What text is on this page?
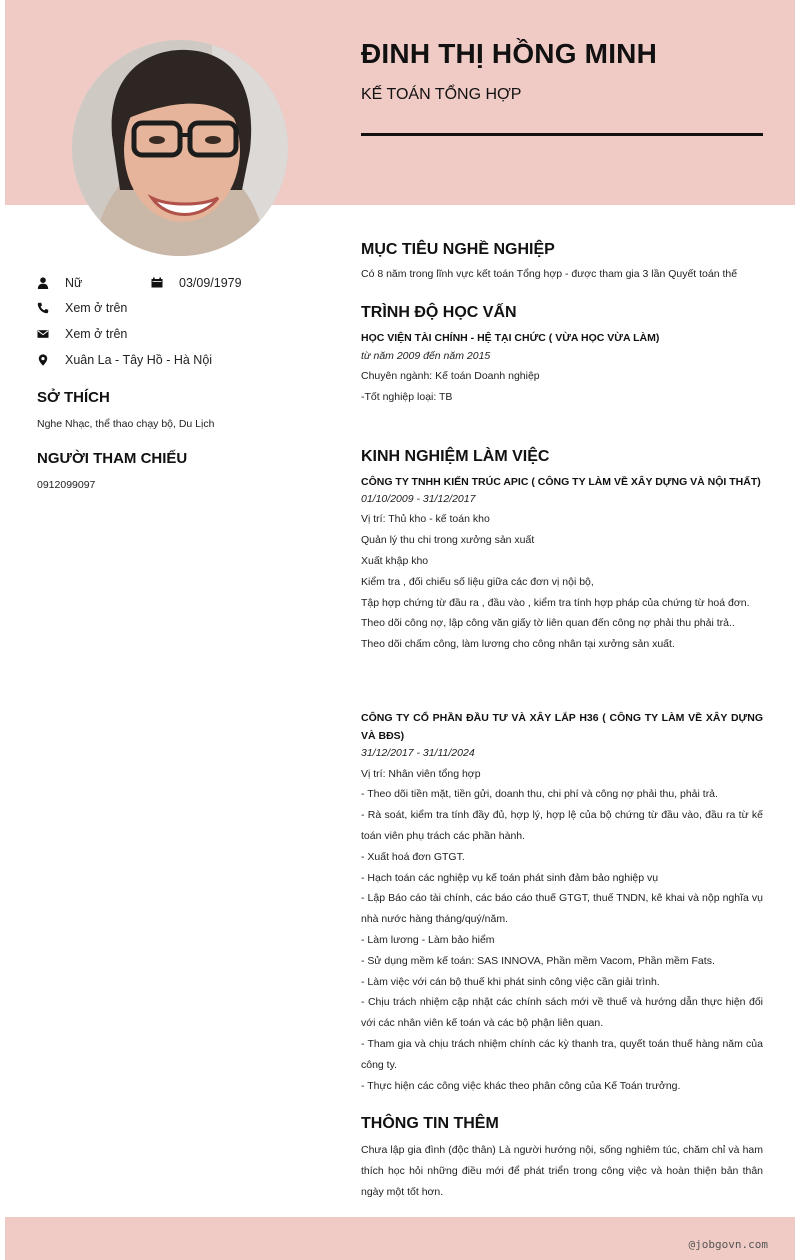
ĐINH THỊ HỒNG MINH
KẾ TOÁN TỔNG HỢP
Nữ	03/09/1979
Xem ở trên
Xem ở trên
Xuân La - Tây Hồ - Hà Nội
SỞ THÍCH
Nghe Nhạc, thể thao chạy bộ, Du Lịch
NGƯỜI THAM CHIẾU
0912099097
MỤC TIÊU NGHỀ NGHIỆP
Có 8 năm trong lĩnh vực kết toán Tổng hợp - được tham gia 3 lần Quyết toán thế
TRÌNH ĐỘ HỌC VẤN
HỌC VIỆN TÀI CHÍNH - HỆ TẠI CHỨC ( VỪA HỌC VỪA LÀM)
từ năm 2009 đến năm 2015
Chuyên ngành: Kế toán Doanh nghiệp
-Tốt nghiệp loại: TB
KINH NGHIỆM LÀM VIỆC
CÔNG TY TNHH KIẾN TRÚC APIC ( CÔNG TY LÀM VỀ XÂY DỰNG VÀ NỘI THẤT)
01/10/2009 - 31/12/2017
Vị trí: Thủ kho - kế toán kho
Quản lý thu chi trong xưởng sản xuất
Xuất khập kho
Kiểm tra , đối chiếu số liệu giữa các đơn vị nội bộ,
Tập hợp chứng từ đầu ra , đầu vào , kiểm tra tính hợp pháp của chứng từ hoá đơn.
Theo dõi công nợ, lập công văn giấy tờ liên quan đến công nợ phải thu phải trả..
Theo dõi chấm công, làm lương cho công nhân tại xưởng sản xuất.
CÔNG TY CỔ PHẦN ĐẦU TƯ VÀ XÂY LẮP H36 ( CÔNG TY LÀM VỀ XÂY DỰNG VÀ BĐS)
31/12/2017 - 31/11/2024
Vị trí: Nhân viên tổng hợp
- Theo dõi tiền mặt, tiền gửi, doanh thu, chi phí và công nợ phải thu, phải trả.
- Rà soát, kiểm tra tính đầy đủ, hợp lý, hợp lệ của bộ chứng từ đầu vào, đầu ra từ kế toán viên phụ trách các phần hành.
- Xuất hoá đơn GTGT.
- Hạch toán các nghiệp vụ kế toán phát sinh đảm bảo nghiệp vụ
- Lập Báo cáo tài chính, các báo cáo thuế GTGT, thuế TNDN, kê khai và nộp nghĩa vụ nhà nước hàng tháng/quý/năm.
- Làm lương - Làm bảo hiểm
- Sử dụng mềm kế toán: SAS INNOVA, Phần mềm Vacom, Phần mềm Fats.
- Làm việc với cán bộ thuế khi phát sinh công việc cần giải trình.
- Chịu trách nhiệm cập nhật các chính sách mới về thuế và hướng dẫn thực hiện đối với các nhân viên kế toán và các bộ phận liên quan.
- Tham gia và chịu trách nhiệm chính các kỳ thanh tra, quyết toán thuế hàng năm của công ty.
- Thực hiện các công việc khác theo phân công của Kế Toán trưởng.
THÔNG TIN THÊM
Chưa lập gia đình (độc thân) Là người hướng nội, sống nghiêm túc, chăm chỉ và ham thích học hỏi những điều mới để phát triển trong công việc và hoàn thiện bản thân ngày một tốt hơn.
@jobgovn.com
